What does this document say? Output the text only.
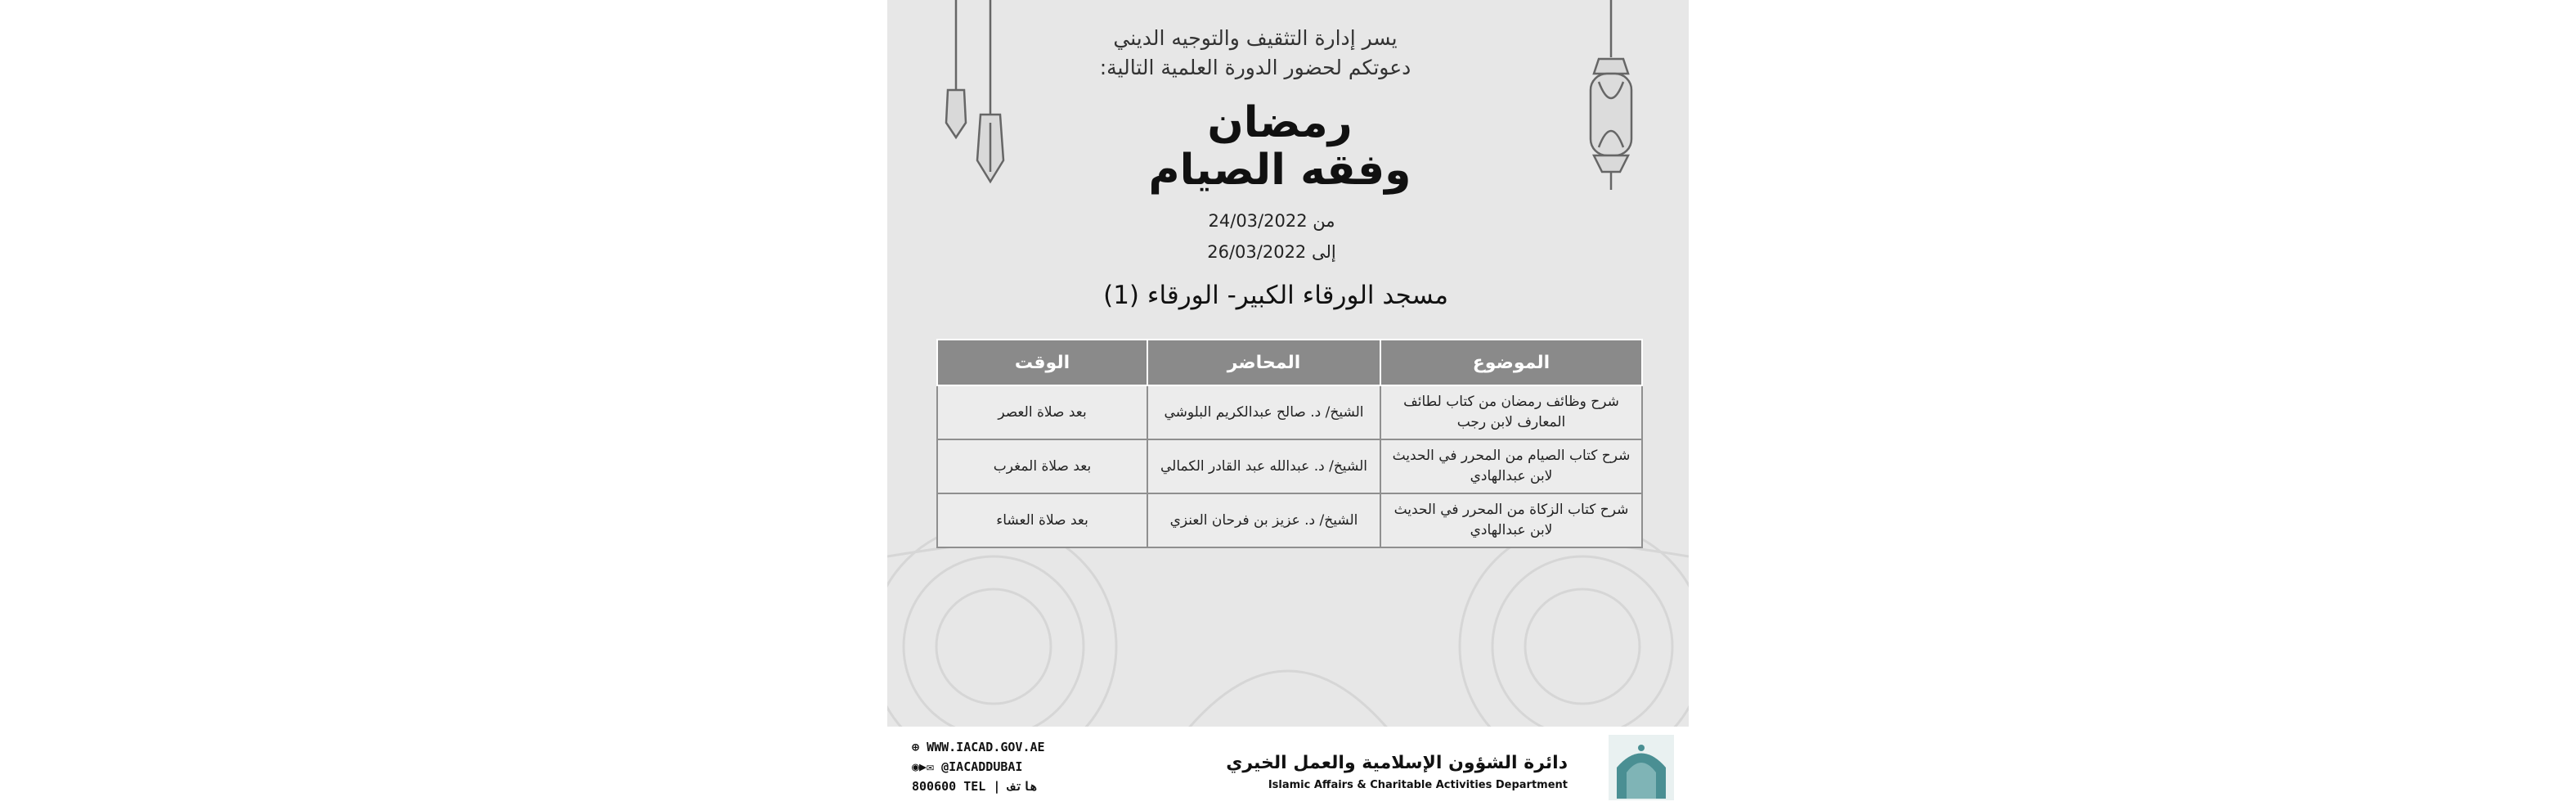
يسر إدارة التثقيف والتوجيه الديني
دعوتكم لحضور الدورة العلمية التالية:
رمضان
وفقه الصيام
من 24/03/2022
إلى 26/03/2022
مسجد الورقاء الكبير- الورقاء (1)
الموضوع	المحاضر	الوقت
شرح وظائف رمضان من كتاب لطائف المعارف لابن رجب	الشيخ/ د. صالح عبدالكريم البلوشي	بعد صلاة العصر
شرح كتاب الصيام من المحرر في الحديث لابن عبدالهادي	الشيخ/ د. عبدالله عبد القادر الكمالي	بعد صلاة المغرب
شرح كتاب الزكاة من المحرر في الحديث لابن عبدالهادي	الشيخ/ د. عزيز بن فرحان العنزي	بعد صلاة العشاء
⊕ WWW.IACAD.GOV.AE
◉▶✉ @IACADDUBAI
800600 TEL | هاتف
دائرة الشؤون الإسلامية والعمل الخيري
Islamic Affairs & Charitable Activities Department
